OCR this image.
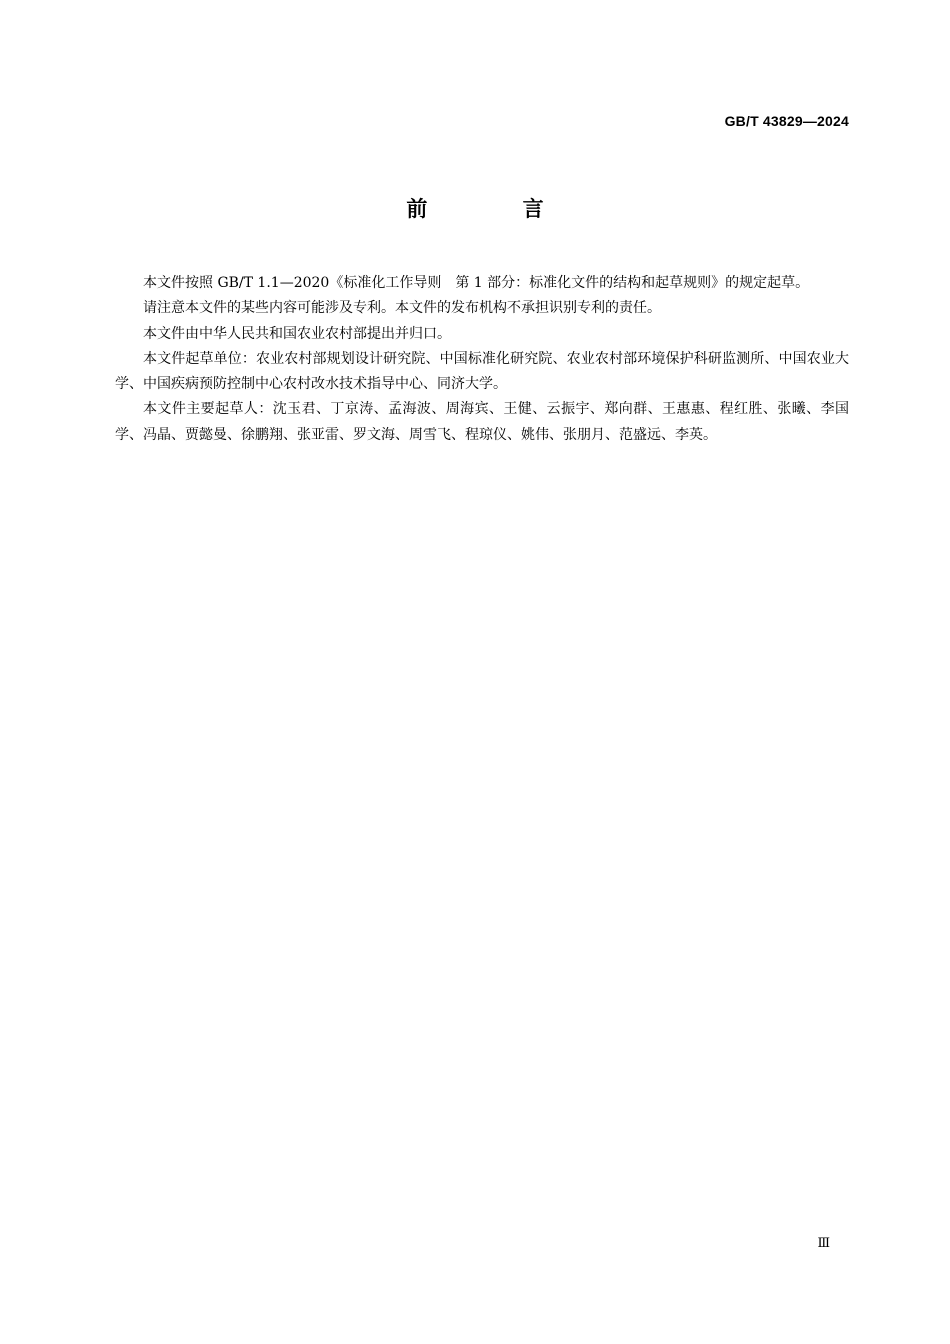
GB/T 43829—2024
前 言

本文件按照 GB/T 1.1—2020《标准化工作导则　第 1 部分：标准化文件的结构和起草规则》的规定起草。

请注意本文件的某些内容可能涉及专利。本文件的发布机构不承担识别专利的责任。

本文件由中华人民共和国农业农村部提出并归口。

本文件起草单位：农业农村部规划设计研究院、中国标准化研究院、农业农村部环境保护科研监测所、中国农业大学、中国疾病预防控制中心农村改水技术指导中心、同济大学。

本文件主要起草人：沈玉君、丁京涛、孟海波、周海宾、王健、云振宇、郑向群、王惠惠、程红胜、张曦、李国学、冯晶、贾懿曼、徐鹏翔、张亚雷、罗文海、周雪飞、程琼仪、姚伟、张朋月、范盛远、李英。

Ⅲ
